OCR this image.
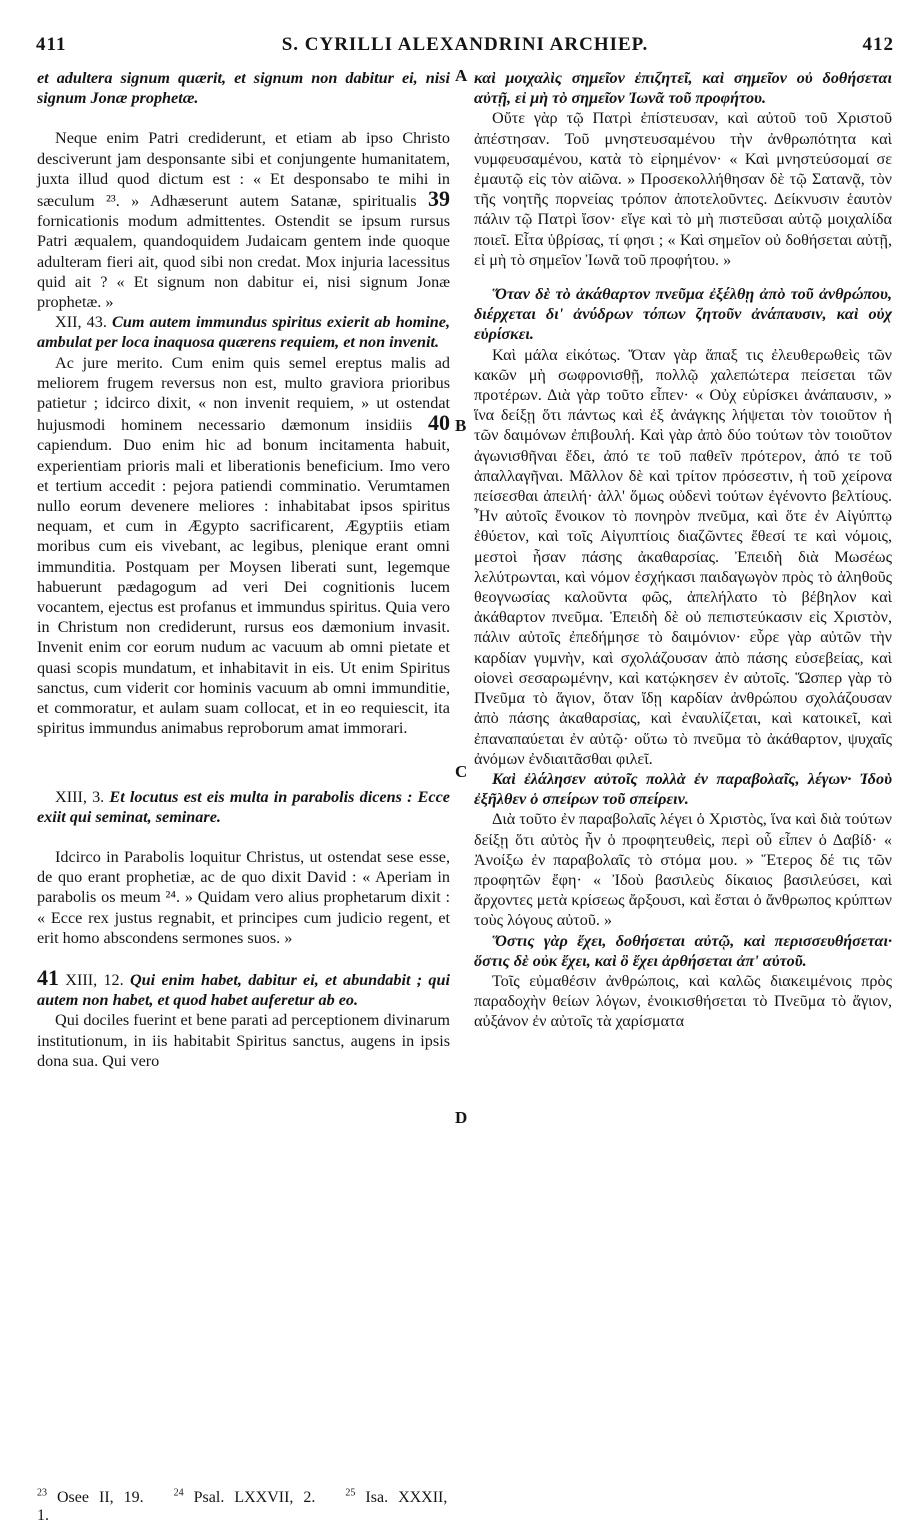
411	S. CYRILLI ALEXANDRINI ARCHIEP.	412
A
B
C
D

et adultera signum quærit, et signum non dabitur ei, nisi signum Jonæ prophetæ.

Neque enim Patri crediderunt, et etiam ab ipso Christo desciverunt jam desponsante sibi et conjungente humanitatem, juxta illud quod dictum est : « Et desponsabo te mihi in sæculum ²³. » Adhæserunt autem Satanæ, spiritualis 39 fornicationis modum admittentes. Ostendit se ipsum rursus Patri æqualem, quandoquidem Judaicam gentem inde quoque adulteram fieri ait, quod sibi non credat. Mox injuria lacessitus quid ait ? « Et signum non dabitur ei, nisi signum Jonæ prophetæ. »

XII, 43. Cum autem immundus spiritus exierit ab homine, ambulat per loca inaquosa quærens requiem, et non invenit.

Ac jure merito. Cum enim quis semel ereptus malis ad meliorem frugem reversus non est, multo graviora prioribus patietur ; idcirco dixit, « non invenit requiem, » ut ostendat hujusmodi hominem necessario dæmonum insidiis 40 capiendum. Duo enim hic ad bonum incitamenta habuit, experientiam prioris mali et liberationis beneficium. Imo vero et tertium accedit : pejora patiendi comminatio. Verumtamen nullo eorum devenere meliores : inhabitabat ipsos spiritus nequam, et cum in Ægypto sacrificarent, Ægyptiis etiam moribus cum eis vivebant, ac legibus, plenique erant omni immunditia. Postquam per Moysen liberati sunt, legemque habuerunt pædagogum ad veri Dei cognitionis lucem vocantem, ejectus est profanus et immundus spiritus. Quia vero in Christum non crediderunt, rursus eos dæmonium invasit. Invenit enim cor eorum nudum ac vacuum ab omni pietate et quasi scopis mundatum, et inhabitavit in eis. Ut enim Spiritus sanctus, cum viderit cor hominis vacuum ab omni immunditie, et commoratur, et aulam suam collocat, et in eo requiescit, ita spiritus immundus animabus reproborum amat immorari.

XIII, 3. Et locutus est eis multa in parabolis dicens : Ecce exiit qui seminat, seminare.

Idcirco in Parabolis loquitur Christus, ut ostendat sese esse, de quo erant prophetiæ, ac de quo dixit David : « Aperiam in parabolis os meum ²⁴. » Quidam vero alius prophetarum dixit : « Ecce rex justus regnabit, et principes cum judicio regent, et erit homo abscondens sermones suos. »

41 XIII, 12. Qui enim habet, dabitur ei, et abundabit ; qui autem non habet, et quod habet auferetur ab eo.

Qui dociles fuerint et bene parati ad perceptionem divinarum institutionum, in iis habitabit Spiritus sanctus, augens in ipsis dona sua. Qui vero

καὶ μοιχαλὶς σημεῖον ἐπιζητεῖ, καὶ σημεῖον οὐ δοθήσεται αὐτῇ, εἰ μὴ τὸ σημεῖον Ἰωνᾶ τοῦ προφήτου.

Οὔτε γὰρ τῷ Πατρὶ ἐπίστευσαν, καὶ αὐτοῦ τοῦ Χριστοῦ ἀπέστησαν. Τοῦ μνηστευσαμένου τὴν ἀνθρωπότητα καὶ νυμφευσαμένου, κατὰ τὸ εἰρημένον· « Καὶ μνηστεύσομαί σε ἐμαυτῷ εἰς τὸν αἰῶνα. » Προσεκολλήθησαν δὲ τῷ Σατανᾷ, τὸν τῆς νοητῆς πορνείας τρόπον ἀποτελοῦντες. Δείκνυσιν ἑαυτὸν πάλιν τῷ Πατρὶ ἴσον· εἴγε καὶ τὸ μὴ πιστεῦσαι αὐτῷ μοιχαλίδα ποιεῖ. Εἶτα ὑβρίσας, τί φησι ; « Καὶ σημεῖον οὐ δοθήσεται αὐτῇ, εἰ μὴ τὸ σημεῖον Ἰωνᾶ τοῦ προφήτου. »

Ὅταν δὲ τὸ ἀκάθαρτον πνεῦμα ἐξέλθῃ ἀπὸ τοῦ ἀνθρώπου, διέρχεται δι' ἀνύδρων τόπων ζητοῦν ἀνάπαυσιν, καὶ οὐχ εὑρίσκει.

Καὶ μάλα εἰκότως. Ὅταν γὰρ ἅπαξ τις ἐλευθερωθεὶς τῶν κακῶν μὴ σωφρονισθῇ, πολλῷ χαλεπώτερα πείσεται τῶν προτέρων. Διὰ γὰρ τοῦτο εἶπεν· « Οὐχ εὑρίσκει ἀνάπαυσιν, » ἵνα δείξῃ ὅτι πάντως καὶ ἐξ ἀνάγκης λήψεται τὸν τοιοῦτον ἡ τῶν δαιμόνων ἐπιβουλή. Καὶ γὰρ ἀπὸ δύο τούτων τὸν τοιοῦτον ἀγωνισθῆναι ἔδει, ἀπό τε τοῦ παθεῖν πρότερον, ἀπό τε τοῦ ἀπαλλαγῆναι. Μᾶλλον δὲ καὶ τρίτον πρόσεστιν, ἡ τοῦ χείρονα πείσεσθαι ἀπειλή· ἀλλ' ὅμως οὐδενὶ τούτων ἐγένοντο βελτίους. Ἦν αὐτοῖς ἔνοικον τὸ πονηρὸν πνεῦμα, καὶ ὅτε ἐν Αἰγύπτῳ ἐθύετον, καὶ τοῖς Αἰγυπτίοις διαζῶντες ἔθεσί τε καὶ νόμοις, μεστοὶ ἦσαν πάσης ἀκαθαρσίας. Ἐπειδὴ διὰ Μωσέως λελύτρωνται, καὶ νόμον ἐσχήκασι παιδαγωγὸν πρὸς τὸ ἀληθοῦς θεογνωσίας καλοῦντα φῶς, ἀπελήλατο τὸ βέβηλον καὶ ἀκάθαρτον πνεῦμα. Ἐπειδὴ δὲ οὐ πεπιστεύκασιν εἰς Χριστὸν, πάλιν αὐτοῖς ἐπεδήμησε τὸ δαιμόνιον· εὗρε γὰρ αὐτῶν τὴν καρδίαν γυμνὴν, καὶ σχολάζουσαν ἀπὸ πάσης εὐσεβείας, καὶ οἱονεὶ σεσαρωμένην, καὶ κατῴκησεν ἐν αὐτοῖς. Ὥσπερ γὰρ τὸ Πνεῦμα τὸ ἅγιον, ὅταν ἴδῃ καρδίαν ἀνθρώπου σχολάζουσαν ἀπὸ πάσης ἀκαθαρσίας, καὶ ἐναυλίζεται, καὶ κατοικεῖ, καὶ ἐπαναπαύεται ἐν αὐτῷ· οὕτω τὸ πνεῦμα τὸ ἀκάθαρτον, ψυχαῖς ἀνόμων ἐνδιαιτᾶσθαι φιλεῖ.

Καὶ ἐλάλησεν αὐτοῖς πολλὰ ἐν παραβολαῖς, λέγων· Ἰδοὺ ἐξῆλθεν ὁ σπείρων τοῦ σπείρειν.

Διὰ τοῦτο ἐν παραβολαῖς λέγει ὁ Χριστὸς, ἵνα καὶ διὰ τούτων δείξῃ ὅτι αὐτὸς ἦν ὁ προφητευθεὶς, περὶ οὗ εἶπεν ὁ Δαβίδ· « Ἀνοίξω ἐν παραβολαῖς τὸ στόμα μου. » Ἕτερος δέ τις τῶν προφητῶν ἔφη· « Ἰδοὺ βασιλεὺς δίκαιος βασιλεύσει, καὶ ἄρχοντες μετὰ κρίσεως ἄρξουσι, καὶ ἔσται ὁ ἄνθρωπος κρύπτων τοὺς λόγους αὐτοῦ. »

Ὅστις γὰρ ἔχει, δοθήσεται αὐτῷ, καὶ περισσευθήσεται· ὅστις δὲ οὐκ ἔχει, καὶ ὃ ἔχει ἀρθήσεται ἀπ' αὐτοῦ.

Τοῖς εὐμαθέσιν ἀνθρώποις, καὶ καλῶς διακειμένοις πρὸς παραδοχὴν θείων λόγων, ἐνοικισθήσεται τὸ Πνεῦμα τὸ ἅγιον, αὐξάνον ἐν αὐτοῖς τὰ χαρίσματα

$^{23}$ Osee II, 19.	$^{24}$ Psal. LXXVII, 2.	$^{25}$ Isa. XXXII, 1.
